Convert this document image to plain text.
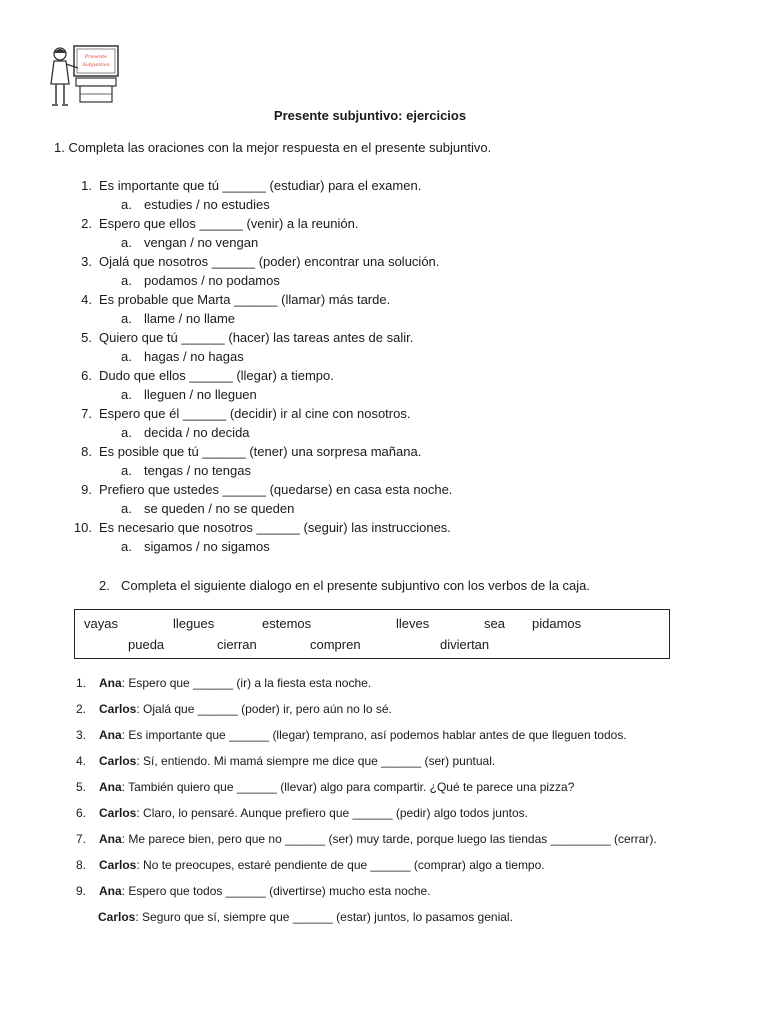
Presente
Subjuntivo
Presente subjuntivo: ejercicios
1. Completa las oraciones con la mejor respuesta en el presente subjuntivo.
1. Es importante que tú ______ (estudiar) para el examen.
a. estudies / no estudies
2. Espero que ellos ______ (venir) a la reunión.
a. vengan / no vengan
3. Ojalá que nosotros ______ (poder) encontrar una solución.
a. podamos / no podamos
4. Es probable que Marta ______ (llamar) más tarde.
a. llame / no llame
5. Quiero que tú ______ (hacer) las tareas antes de salir.
a. hagas / no hagas
6. Dudo que ellos ______ (llegar) a tiempo.
a. lleguen / no lleguen
7. Espero que él ______ (decidir) ir al cine con nosotros.
a. decida / no decida
8. Es posible que tú ______ (tener) una sorpresa mañana.
a. tengas / no tengas
9. Prefiero que ustedes ______ (quedarse) en casa esta noche.
a. se queden / no se queden
10. Es necesario que nosotros ______ (seguir) las instrucciones.
a. sigamos / no sigamos
2. Completa el siguiente dialogo en el presente subjuntivo con los verbos de la caja.
vayas	llegues	estemos	lleves	sea pidamos
pueda	cierran	compren	diviertan
1. Ana: Espero que ______ (ir) a la fiesta esta noche.
2. Carlos: Ojalá que ______ (poder) ir, pero aún no lo sé.
3. Ana: Es importante que ______ (llegar) temprano, así podemos hablar antes de que lleguen todos.
4. Carlos: Sí, entiendo. Mi mamá siempre me dice que ______ (ser) puntual.
5. Ana: También quiero que ______ (llevar) algo para compartir. ¿Qué te parece una pizza?
6. Carlos: Claro, lo pensaré. Aunque prefiero que ______ (pedir) algo todos juntos.
7. Ana: Me parece bien, pero que no ______ (ser) muy tarde, porque luego las tiendas _________ (cerrar).
8. Carlos: No te preocupes, estaré pendiente de que ______ (comprar) algo a tiempo.
9. Ana: Espero que todos ______ (divertirse) mucho esta noche.
Carlos: Seguro que sí, siempre que ______ (estar) juntos, lo pasamos genial.
